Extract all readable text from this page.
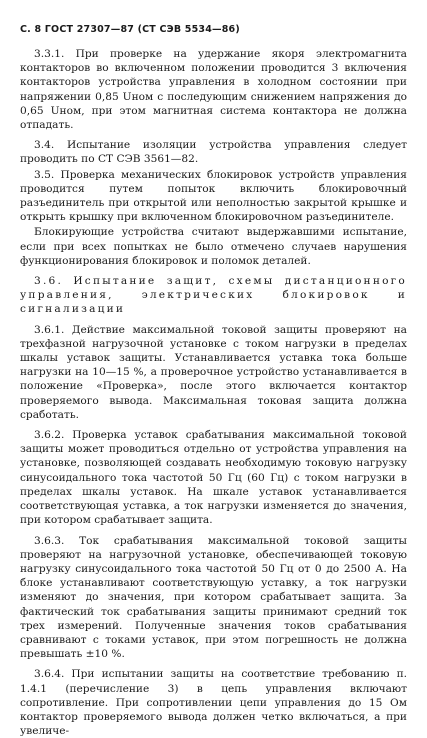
С. 8 ГОСТ 27307—87 (СТ СЭВ 5534—86)

3.3.1. При проверке на удержание якоря электромагнита контакторов во включенном положении проводится 3 включения контакторов устройства управления в холодном состоянии при напряжении 0,85 Uном с последующим снижением напряжения до 0,65 Uном, при этом магнитная система контактора не должна отпадать.

3.4. Испытание изоляции устройства управления следует проводить по СТ СЭВ 3561—82.

3.5. Проверка механических блокировок устройств управления проводится путем попыток включить блокировочный разъединитель при открытой или неполностью закрытой крышке и открыть крышку при включенном блокировочном разъединителе.

Блокирующие устройства считают выдержавшими испытание, если при всех попытках не было отмечено случаев нарушения функционирования блокировок и поломок деталей.

3.6. Испытание защит, схемы дистанционного управления, электрических блокировок и сигнализации

3.6.1. Действие максимальной токовой защиты проверяют на трехфазной нагрузочной установке с током нагрузки в пределах шкалы уставок защиты. Устанавливается уставка тока больше нагрузки на 10—15 %, а проверочное устройство устанавливается в положение «Проверка», после этого включается контактор проверяемого вывода. Максимальная токовая защита должна сработать.

3.6.2. Проверка уставок срабатывания максимальной токовой защиты может проводиться отдельно от устройства управления на установке, позволяющей создавать необходимую токовую нагрузку синусоидального тока частотой 50 Гц (60 Гц) с током нагрузки в пределах шкалы уставок. На шкале уставок устанавливается соответствующая уставка, а ток нагрузки изменяется до значения, при котором срабатывает защита.

3.6.3. Ток срабатывания максимальной токовой защиты проверяют на нагрузочной установке, обеспечивающей токовую нагрузку синусоидального тока частотой 50 Гц от 0 до 2500 А. На блоке устанавливают соответствующую уставку, а ток нагрузки изменяют до значения, при котором срабатывает защита. За фактический ток срабатывания защиты принимают средний ток трех измерений. Полученные значения токов срабатывания сравнивают с токами уставок, при этом погрешность не должна превышать ±10 %.

3.6.4. При испытании защиты на соответствие требованию п. 1.4.1 (перечисление 3) в цепь управления включают сопротивление. При сопротивлении цепи управления до 15 Ом контактор проверяемого вывода должен четко включаться, а при увеличе-
